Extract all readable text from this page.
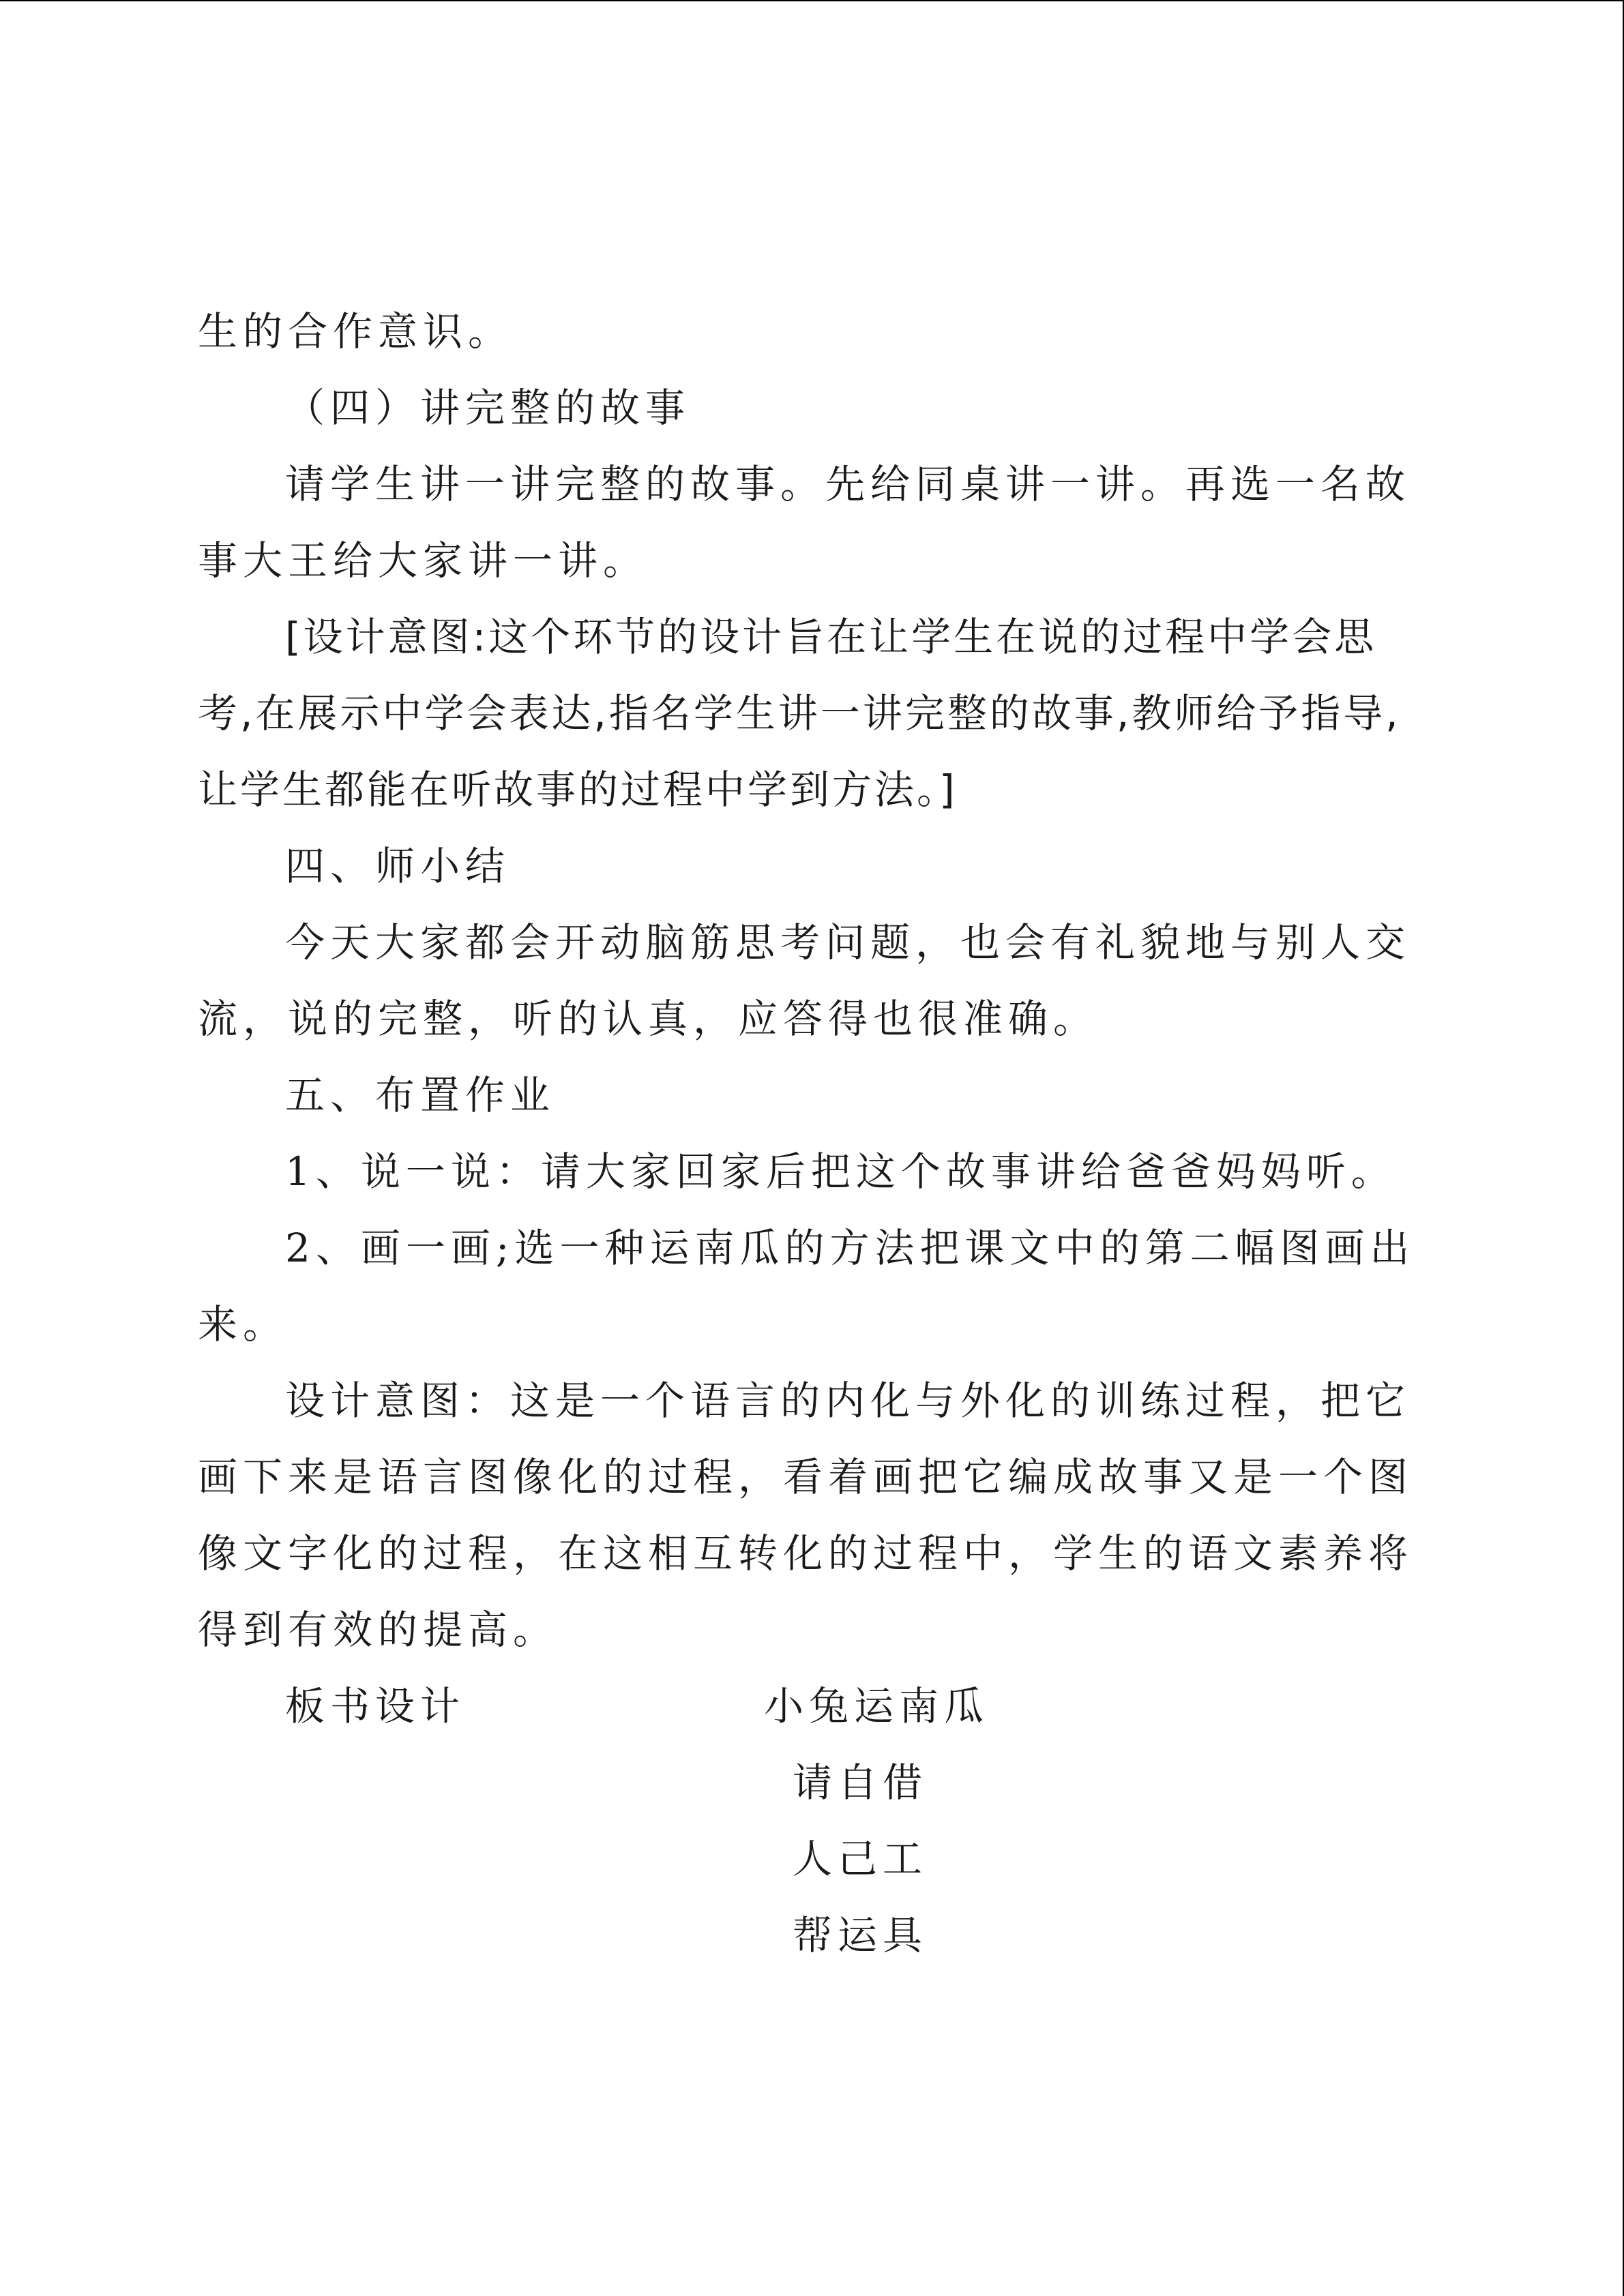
生的合作意识。

（四）讲完整的故事

请学生讲一讲完整的故事。先给同桌讲一讲。再选一名故事大王给大家讲一讲。

[设计意图:这个环节的设计旨在让学生在说的过程中学会思考,在展示中学会表达,指名学生讲一讲完整的故事,教师给予指导,让学生都能在听故事的过程中学到方法。]

四、师小结

今天大家都会开动脑筋思考问题，也会有礼貌地与别人交流，说的完整，听的认真，应答得也很准确。

五、布置作业

1、说一说：请大家回家后把这个故事讲给爸爸妈妈听。

2、画一画;选一种运南瓜的方法把课文中的第二幅图画出来。

设计意图：这是一个语言的内化与外化的训练过程，把它画下来是语言图像化的过程，看着画把它编成故事又是一个图像文字化的过程，在这相互转化的过程中，学生的语文素养将得到有效的提高。

板书设计	小兔运南瓜
请自借
人己工
帮运具
